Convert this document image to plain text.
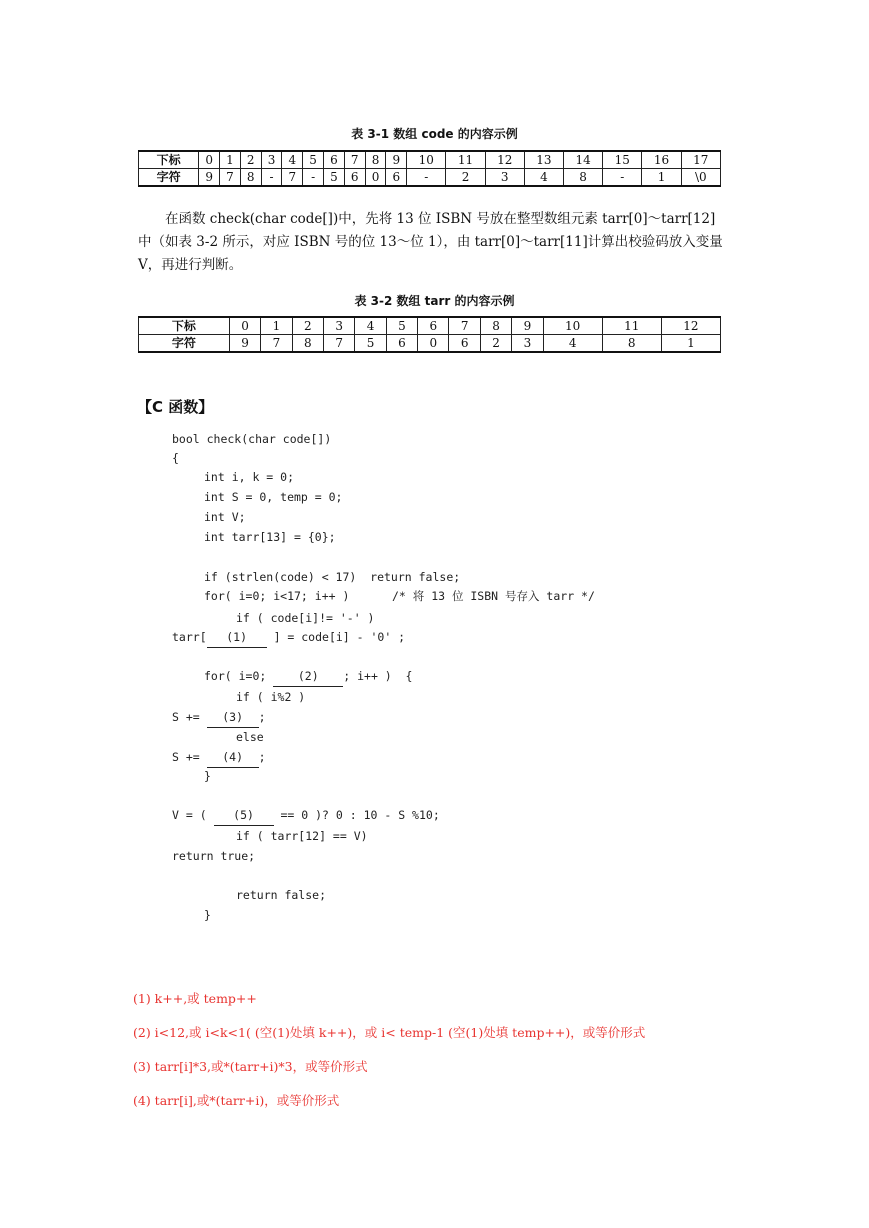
表 3-1 数组 code 的内容示例
下标	0	1	2	3	4	5	6	7	8	9	10	11	12	13	14	15	16	17
字符	9	7	8	-	7	-	5	6	0	6	-	2	3	4	8	-	1	\0
在函数 check(char code[])中，先将 13 位 ISBN 号放在整型数组元素 tarr[0]～tarr[12]中（如表 3-2 所示，对应 ISBN 号的位 13～位 1），由 tarr[0]～tarr[11]计算出校验码放入变量 V，再进行判断。
表 3-2 数组 tarr 的内容示例
下标	0	1	2	3	4	5	6	7	8	9	10	11	12
字符	9	7	8	7	5	6	0	6	2	3	4	8	1
【C 函数】
bool check(char code[])
{
int i, k = 0;
int S = 0, temp = 0;
int V;
int tarr[13] = {0};
if (strlen(code) < 17)  return false;
for( i=0; i<17; i++ )	/* 将 13 位 ISBN 号存入 tarr */
if ( code[i]!= '-' )
tarr[ (1) ] = code[i] - '0' ;
for( i=0;	(2) ; i++ )  {
if ( i%2 )
S += (3) ;
else
S += (4) ;
}
V = ( (5) == 0 )? 0 : 10 - S %10;
if ( tarr[12] == V)
return true;
return false;
}
(1) k++,或 temp++
(2) i<12,或 i<k<1( (空(1)处填 k++)，或 i< temp-1 (空(1)处填 temp++)，或等价形式
(3) tarr[i]*3,或*(tarr+i)*3，或等价形式
(4) tarr[i],或*(tarr+i)，或等价形式
